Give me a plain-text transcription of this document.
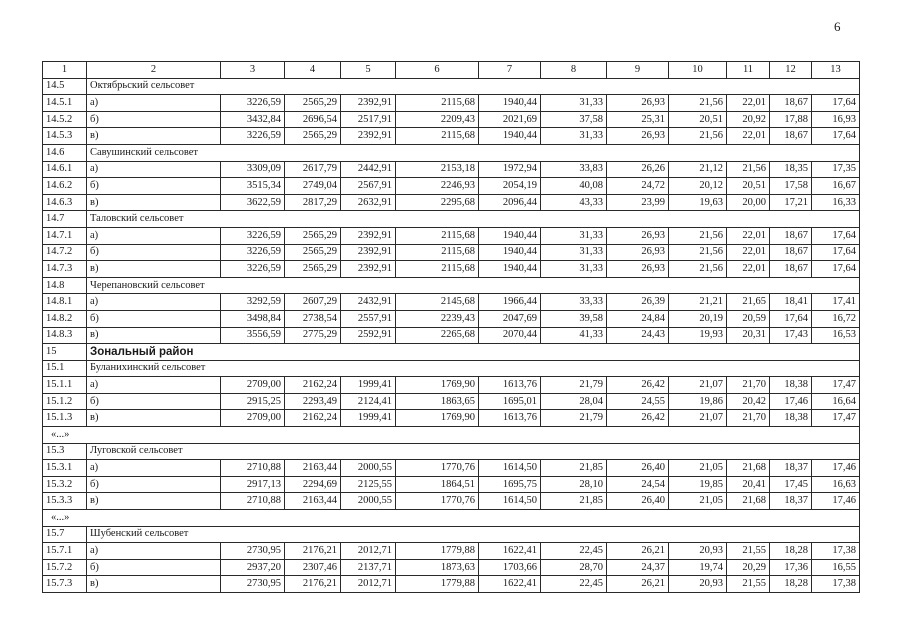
6
1	2	3	4	5	6	7	8	9	10	11	12	13
14.5	Октябрьский сельсовет											
14.5.1	а)	3226,59	2565,29	2392,91	2115,68	1940,44	31,33	26,93	21,56	22,01	18,67	17,64
14.5.2	б)	3432,84	2696,54	2517,91	2209,43	2021,69	37,58	25,31	20,51	20,92	17,88	16,93
14.5.3	в)	3226,59	2565,29	2392,91	2115,68	1940,44	31,33	26,93	21,56	22,01	18,67	17,64
14.6	Савушинский сельсовет											
14.6.1	а)	3309,09	2617,79	2442,91	2153,18	1972,94	33,83	26,26	21,12	21,56	18,35	17,35
14.6.2	б)	3515,34	2749,04	2567,91	2246,93	2054,19	40,08	24,72	20,12	20,51	17,58	16,67
14.6.3	в)	3622,59	2817,29	2632,91	2295,68	2096,44	43,33	23,99	19,63	20,00	17,21	16,33
14.7	Таловский сельсовет											
14.7.1	а)	3226,59	2565,29	2392,91	2115,68	1940,44	31,33	26,93	21,56	22,01	18,67	17,64
14.7.2	б)	3226,59	2565,29	2392,91	2115,68	1940,44	31,33	26,93	21,56	22,01	18,67	17,64
14.7.3	в)	3226,59	2565,29	2392,91	2115,68	1940,44	31,33	26,93	21,56	22,01	18,67	17,64
14.8	Черепановский сельсовет											
14.8.1	а)	3292,59	2607,29	2432,91	2145,68	1966,44	33,33	26,39	21,21	21,65	18,41	17,41
14.8.2	б)	3498,84	2738,54	2557,91	2239,43	2047,69	39,58	24,84	20,19	20,59	17,64	16,72
14.8.3	в)	3556,59	2775,29	2592,91	2265,68	2070,44	41,33	24,43	19,93	20,31	17,43	16,53
15	Зональный район											
15.1	Буланихинский сельсовет											
15.1.1	а)	2709,00	2162,24	1999,41	1769,90	1613,76	21,79	26,42	21,07	21,70	18,38	17,47
15.1.2	б)	2915,25	2293,49	2124,41	1863,65	1695,01	28,04	24,55	19,86	20,42	17,46	16,64
15.1.3	в)	2709,00	2162,24	1999,41	1769,90	1613,76	21,79	26,42	21,07	21,70	18,38	17,47
«...»												
15.3	Луговской сельсовет											
15.3.1	а)	2710,88	2163,44	2000,55	1770,76	1614,50	21,85	26,40	21,05	21,68	18,37	17,46
15.3.2	б)	2917,13	2294,69	2125,55	1864,51	1695,75	28,10	24,54	19,85	20,41	17,45	16,63
15.3.3	в)	2710,88	2163,44	2000,55	1770,76	1614,50	21,85	26,40	21,05	21,68	18,37	17,46
«...»												
15.7	Шубенский сельсовет											
15.7.1	а)	2730,95	2176,21	2012,71	1779,88	1622,41	22,45	26,21	20,93	21,55	18,28	17,38
15.7.2	б)	2937,20	2307,46	2137,71	1873,63	1703,66	28,70	24,37	19,74	20,29	17,36	16,55
15.7.3	в)	2730,95	2176,21	2012,71	1779,88	1622,41	22,45	26,21	20,93	21,55	18,28	17,38
